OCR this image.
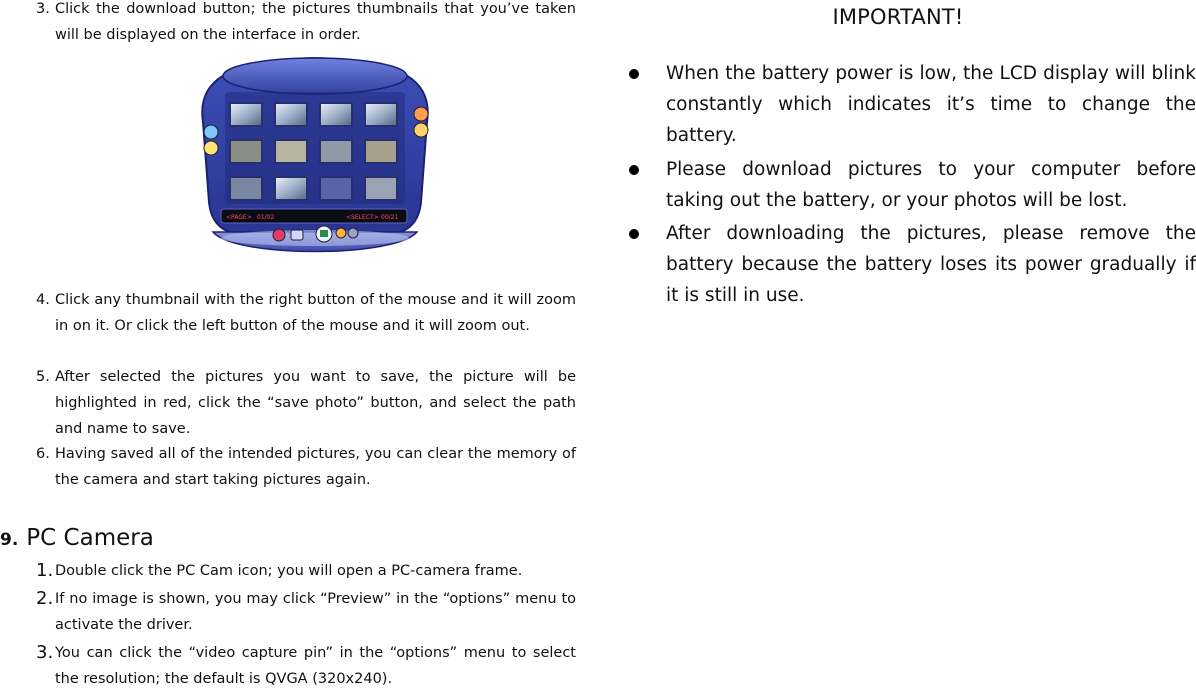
3. Click the download button; the pictures thumbnails that you’ve taken will be displayed on the interface in order.
<PAGE> 01/02	<SELECT> 00/21
4. Click any thumbnail with the right button of the mouse and it will zoom in on it. Or click the left button of the mouse and it will zoom out.
5. After selected the pictures you want to save, the picture will be highlighted in red, click the “save photo” button, and select the path and name to save.
6. Having saved all of the intended pictures, you can clear the memory of the camera and start taking pictures again.
9. PC Camera
1. Double click the PC Cam icon; you will open a PC-camera frame.
2. If no image is shown, you may click “Preview” in the “options” menu to activate the driver.
3. You can click the “video capture pin” in the “options” menu to select the resolution; the default is QVGA (320x240).
IMPORTANT!
When the battery power is low, the LCD display will blink constantly which indicates it’s time to change the battery.
Please download pictures to your computer before taking out the battery, or your photos will be lost.
After downloading the pictures, please remove the battery because the battery loses its power gradually if it is still in use.
